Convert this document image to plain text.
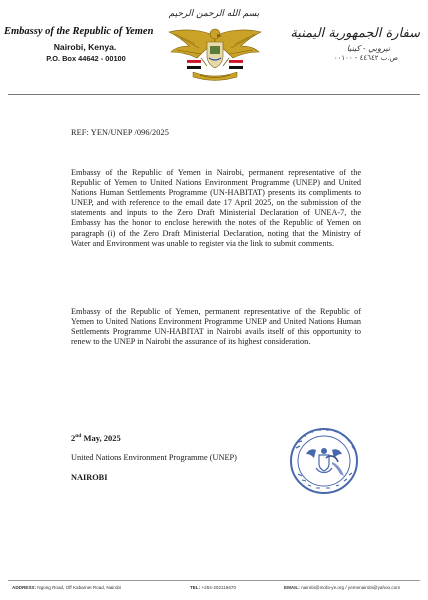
Embassy of the Republic of Yemen
Nairobi, Kenya.
P.O. Box 44642 - 00100
بسم الله الرحمن الرحيم
سفارة الجمهورية اليمنية
نيروبي - كينيا
ص.ب ٤٤٦٤٢ - ٠٠١٠٠
REF: YEN/UNEP /096/2025
Embassy of the Republic of Yemen in Nairobi, permanent representative of the Republic of Yemen to United Nations Environment Programme (UNEP) and United Nations Human Settlements Programme (UN-HABITAT) presents its compliments to UNEP, and with reference to the email date 17 April 2025, on the submission of the statements and inputs to the Zero Draft Ministerial Declaration of UNEA-7, the Embassy has the honor to enclose herewith the notes of the Republic of Yemen on paragraph (i) of the Zero Draft Ministerial Declaration, noting that the Ministry of Water and Environment was unable to register via the link to submit comments.
Embassy of the Republic of Yemen, permanent representative of the Republic of Yemen to United Nations Environment Programme UNEP and United Nations Human Settlements Programme UN-HABITAT in Nairobi avails itself of this opportunity to renew to the UNEP in Nairobi the assurance of its highest consideration.
2nd May, 2025
United Nations Environment Programme (UNEP)
NAIROBI
ADDRESS: Ngong Road, Off Kabarnet Road, Nairobi	TEL: +254-202115670	EMAIL: nairobi@mofa-ye.org / yemenairobi@yahoo.com
